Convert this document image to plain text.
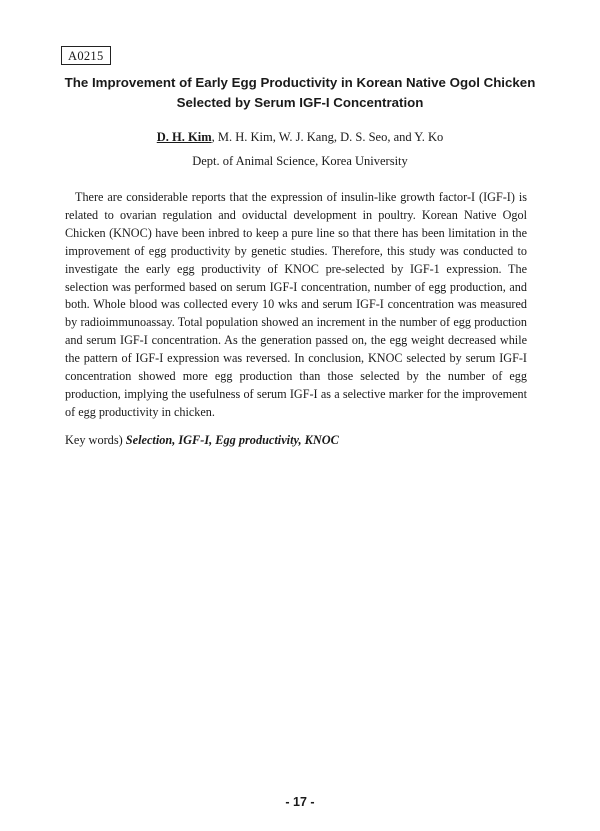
A0215
The Improvement of Early Egg Productivity in Korean Native Ogol Chicken
Selected by Serum IGF-I Concentration
D. H. Kim, M. H. Kim, W. J. Kang, D. S. Seo, and Y. Ko
Dept. of Animal Science, Korea University

There are considerable reports that the expression of insulin-like growth factor-I (IGF-I) is related to ovarian regulation and oviductal development in poultry. Korean Native Ogol Chicken (KNOC) have been inbred to keep a pure line so that there has been limitation in the improvement of egg productivity by genetic studies. Therefore, this study was conducted to investigate the early egg productivity of KNOC pre-selected by IGF-1 expression. The selection was performed based on serum IGF-I concentration, number of egg production, and both. Whole blood was collected every 10 wks and serum IGF-I concentration was measured by radioimmunoassay. Total population showed an increment in the number of egg production and serum IGF-I concentration. As the generation passed on, the egg weight decreased while the pattern of IGF-I expression was reversed. In conclusion, KNOC selected by serum IGF-I concentration showed more egg production than those selected by the number of egg production, implying the usefulness of serum IGF-I as a selective marker for the improvement of egg productivity in chicken.

Key words) Selection, IGF-I, Egg productivity, KNOC
- 17 -
